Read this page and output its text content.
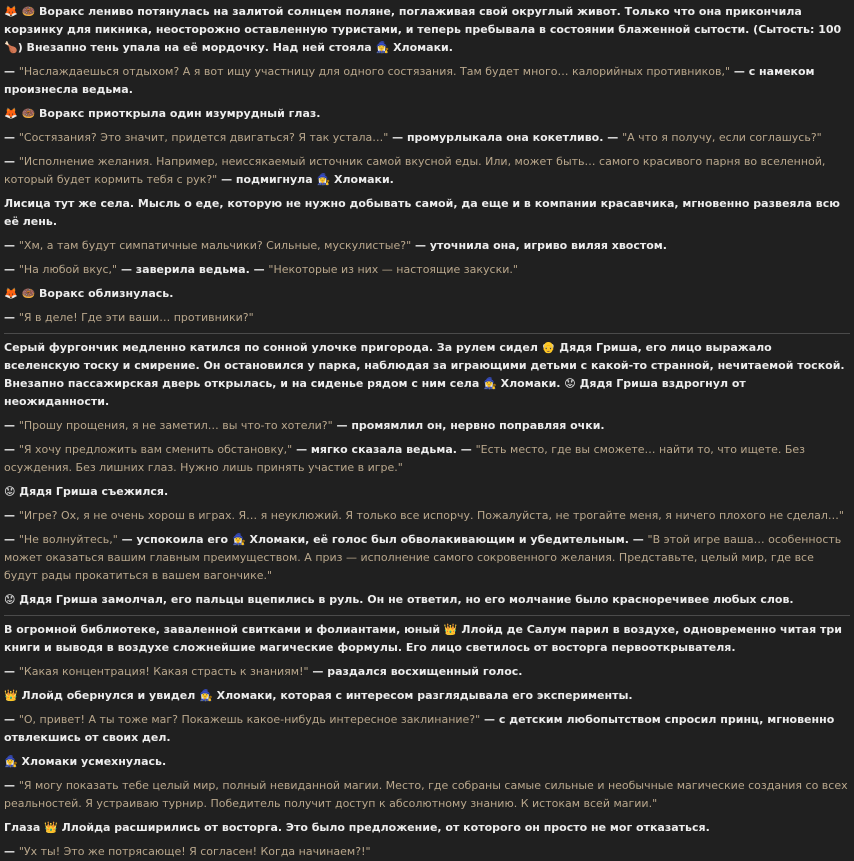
🦊 🍩 Воракс лениво потянулась на залитой солнцем поляне, поглаживая свой округлый живот. Только что она прикончила корзинку для пикника, неосторожно оставленную туристами, и теперь пребывала в состоянии блаженной сытости. (Сытость: 100 🍗) Внезапно тень упала на её мордочку. Над ней стояла 🧙‍♀️ Хломаки.

— "Наслаждаешься отдыхом? А я вот ищу участницу для одного состязания. Там будет много… калорийных противников," — с намеком произнесла ведьма.

🦊 🍩 Воракс приоткрыла один изумрудный глаз.

— "Состязания? Это значит, придется двигаться? Я так устала…" — промурлыкала она кокетливо. — "А что я получу, если соглашусь?"

— "Исполнение желания. Например, неиссякаемый источник самой вкусной еды. Или, может быть… самого красивого парня во вселенной, который будет кормить тебя с рук?" — подмигнула 🧙‍♀️ Хломаки.

Лисица тут же села. Мысль о еде, которую не нужно добывать самой, да еще и в компании красавчика, мгновенно развеяла всю её лень.

— "Хм, а там будут симпатичные мальчики? Сильные, мускулистые?" — уточнила она, игриво виляя хвостом.

— "На любой вкус," — заверила ведьма. — "Некоторые из них — настоящие закуски."

🦊 🍩 Воракс облизнулась.

— "Я в деле! Где эти ваши… противники?"

Серый фургончик медленно катился по сонной улочке пригорода. За рулем сидел 👴 Дядя Гриша, его лицо выражало вселенскую тоску и смирение. Он остановился у парка, наблюдая за играющими детьми с какой-то странной, нечитаемой тоской. Внезапно пассажирская дверь открылась, и на сиденье рядом с ним села 🧙‍♀️ Хломаки. 😟 Дядя Гриша вздрогнул от неожиданности.

— "Прошу прощения, я не заметил… вы что-то хотели?" — промямлил он, нервно поправляя очки.

— "Я хочу предложить вам сменить обстановку," — мягко сказала ведьма. — "Есть место, где вы сможете… найти то, что ищете. Без осуждения. Без лишних глаз. Нужно лишь принять участие в игре."

😟 Дядя Гриша съежился.

— "Игре? Ох, я не очень хорош в играх. Я… я неуклюжий. Я только все испорчу. Пожалуйста, не трогайте меня, я ничего плохого не сделал…"

— "Не волнуйтесь," — успокоила его 🧙‍♀️ Хломаки, её голос был обволакивающим и убедительным. — "В этой игре ваша… особенность может оказаться вашим главным преимуществом. А приз — исполнение самого сокровенного желания. Представьте, целый мир, где все будут рады прокатиться в вашем вагончике."

😟 Дядя Гриша замолчал, его пальцы вцепились в руль. Он не ответил, но его молчание было красноречивее любых слов.

В огромной библиотеке, заваленной свитками и фолиантами, юный 👑 Ллойд де Салум парил в воздухе, одновременно читая три книги и выводя в воздухе сложнейшие магические формулы. Его лицо светилось от восторга первооткрывателя.

— "Какая концентрация! Какая страсть к знаниям!" — раздался восхищенный голос.

👑 Ллойд обернулся и увидел 🧙‍♀️ Хломаки, которая с интересом разглядывала его эксперименты.

— "О, привет! А ты тоже маг? Покажешь какое-нибудь интересное заклинание?" — с детским любопытством спросил принц, мгновенно отвлекшись от своих дел.

🧙‍♀️ Хломаки усмехнулась.

— "Я могу показать тебе целый мир, полный невиданной магии. Место, где собраны самые сильные и необычные магические создания со всех реальностей. Я устраиваю турнир. Победитель получит доступ к абсолютному знанию. К истокам всей магии."

Глаза 👑 Ллойда расширились от восторга. Это было предложение, от которого он просто не мог отказаться.

— "Ух ты! Это же потрясающе! Я согласен! Когда начинаем?!"
